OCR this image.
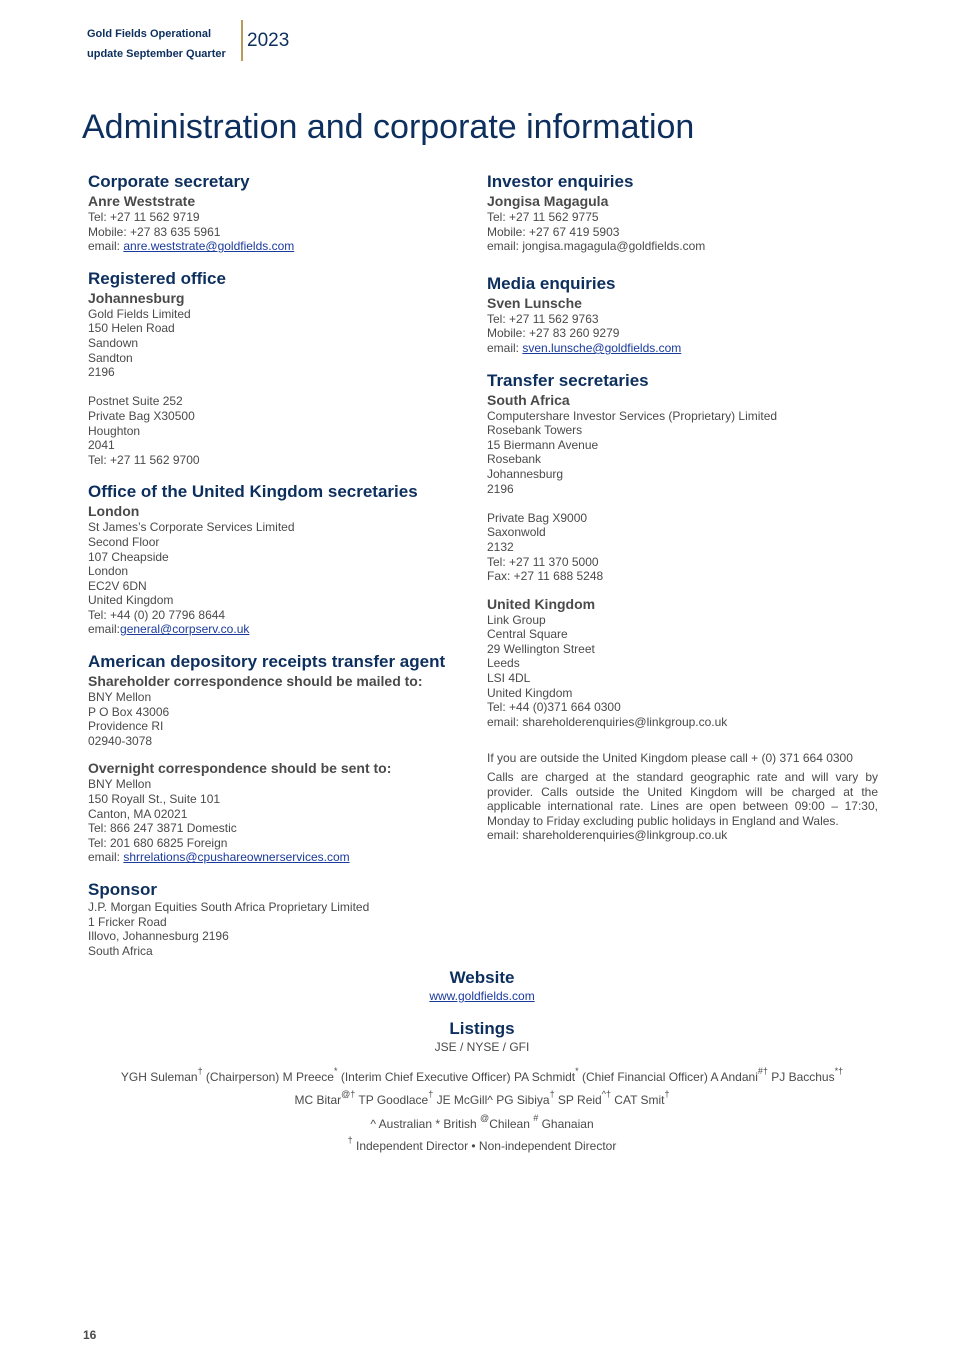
Gold Fields Operational update September Quarter
2023
Administration and corporate information
Corporate secretary
Anre Weststrate
Tel: +27 11 562 9719
Mobile: +27 83 635 5961
email: anre.weststrate@goldfields.com
Registered office
Johannesburg
Gold Fields Limited
150 Helen Road
Sandown
Sandton
2196
Postnet Suite 252
Private Bag X30500
Houghton
2041
Tel: +27 11 562 9700
Office of the United Kingdom secretaries
London
St James’s Corporate Services Limited
Second Floor
107 Cheapside
London
EC2V 6DN
United Kingdom
Tel: +44 (0) 20 7796 8644
email:general@corpserv.co.uk
American depository receipts transfer agent
Shareholder correspondence should be mailed to:
BNY Mellon
P O Box 43006
Providence RI
02940-3078
Overnight correspondence should be sent to:
BNY Mellon
150 Royall St., Suite 101
Canton, MA 02021
Tel: 866 247 3871 Domestic
Tel: 201 680 6825 Foreign
email: shrrelations@cpushareownerservices.com
Sponsor
J.P. Morgan Equities South Africa Proprietary Limited
1 Fricker Road
Illovo, Johannesburg 2196
South Africa
Investor enquiries
Jongisa Magagula
Tel: +27 11 562 9775
Mobile: +27 67 419 5903
email: jongisa.magagula@goldfields.com
Media enquiries
Sven Lunsche
Tel: +27 11 562 9763
Mobile: +27 83 260 9279
email: sven.lunsche@goldfields.com
Transfer secretaries
South Africa
Computershare Investor Services (Proprietary) Limited
Rosebank Towers
15 Biermann Avenue
Rosebank
Johannesburg
2196
Private Bag X9000
Saxonwold
2132
Tel: +27 11 370 5000
Fax: +27 11 688 5248
United Kingdom
Link Group
Central Square
29 Wellington Street
Leeds
LSI 4DL
United Kingdom
Tel: +44 (0)371 664 0300
email: shareholderenquiries@linkgroup.co.uk
If you are outside the United Kingdom please call + (0) 371 664 0300

Calls are charged at the standard geographic rate and will vary by provider. Calls outside the United Kingdom will be charged at the applicable international rate. Lines are open between 09:00 – 17:30, Monday to Friday excluding public holidays in England and Wales.

email: shareholderenquiries@linkgroup.co.uk
Website
www.goldfields.com
Listings
JSE / NYSE / GFI
YGH Suleman† (Chairperson) M Preece* (Interim Chief Executive Officer) PA Schmidt* (Chief Financial Officer) A Andani#† PJ Bacchus*†
MC Bitar@† TP Goodlace† JE McGill^ PG Sibiya† SP Reid^† CAT Smit†
^ Australian * British @Chilean # Ghanaian
† Independent Director • Non-independent Director
16
